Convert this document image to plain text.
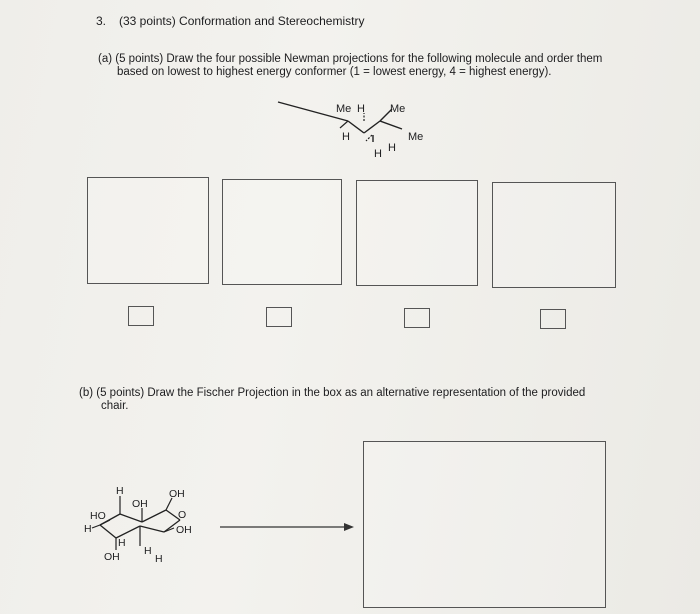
3. (33 points) Conformation and Stereochemistry
(a) (5 points) Draw the four possible Newman projections for the following molecule and order them
based on lowest to highest energy conformer (1 = lowest energy, 4 = highest energy).
Me H Me
H	Me
H H
(b) (5 points) Draw the Fischer Projection in the box as an alternative representation of the provided
chair.
H
OH
OH
HO	O
H	OH
H
OH H
H
